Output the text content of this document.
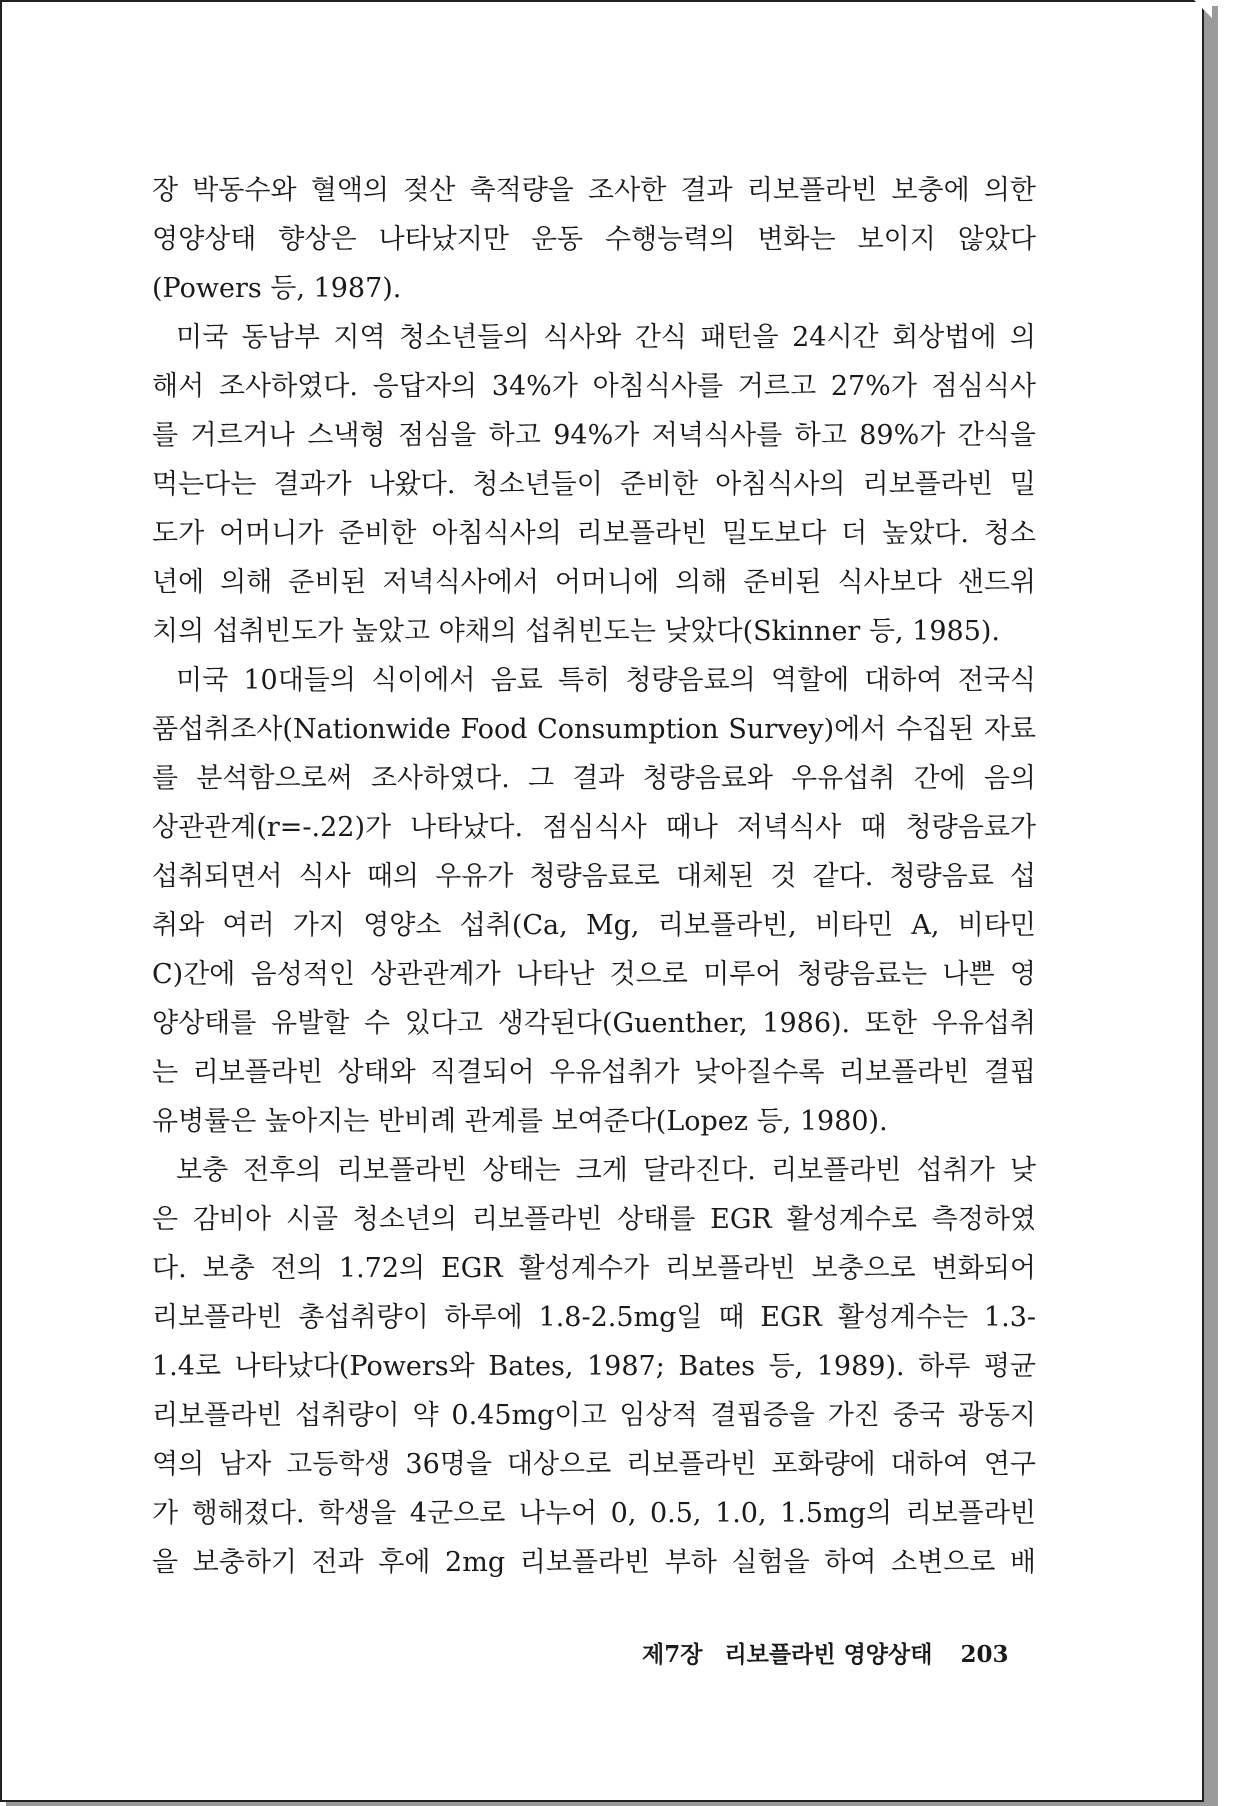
장 박동수와 혈액의 젖산 축적량을 조사한 결과 리보플라빈 보충에 의한
영양상태 향상은 나타났지만 운동 수행능력의 변화는 보이지 않았다
(Powers 등, 1987).
미국 동남부 지역 청소년들의 식사와 간식 패턴을 24시간 회상법에 의
해서 조사하였다. 응답자의 34%가 아침식사를 거르고 27%가 점심식사
를 거르거나 스낵형 점심을 하고 94%가 저녁식사를 하고 89%가 간식을
먹는다는 결과가 나왔다. 청소년들이 준비한 아침식사의 리보플라빈 밀
도가 어머니가 준비한 아침식사의 리보플라빈 밀도보다 더 높았다. 청소
년에 의해 준비된 저녁식사에서 어머니에 의해 준비된 식사보다 샌드위
치의 섭취빈도가 높았고 야채의 섭취빈도는 낮았다(Skinner 등, 1985).
미국 10대들의 식이에서 음료 특히 청량음료의 역할에 대하여 전국식
품섭취조사(Nationwide Food Consumption Survey)에서 수집된 자료
를 분석함으로써 조사하였다. 그 결과 청량음료와 우유섭취 간에 음의
상관관계(r=-.22)가 나타났다. 점심식사 때나 저녁식사 때 청량음료가
섭취되면서 식사 때의 우유가 청량음료로 대체된 것 같다. 청량음료 섭
취와 여러 가지 영양소 섭취(Ca, Mg, 리보플라빈, 비타민 A, 비타민
C)간에 음성적인 상관관계가 나타난 것으로 미루어 청량음료는 나쁜 영
양상태를 유발할 수 있다고 생각된다(Guenther, 1986). 또한 우유섭취
는 리보플라빈 상태와 직결되어 우유섭취가 낮아질수록 리보플라빈 결핍
유병률은 높아지는 반비례 관계를 보여준다(Lopez 등, 1980).
보충 전후의 리보플라빈 상태는 크게 달라진다. 리보플라빈 섭취가 낮
은 감비아 시골 청소년의 리보플라빈 상태를 EGR 활성계수로 측정하였
다. 보충 전의 1.72의 EGR 활성계수가 리보플라빈 보충으로 변화되어
리보플라빈 총섭취량이 하루에 1.8-2.5mg일 때 EGR 활성계수는 1.3-
1.4로 나타났다(Powers와 Bates, 1987; Bates 등, 1989). 하루 평균
리보플라빈 섭취량이 약 0.45mg이고 임상적 결핍증을 가진 중국 광동지
역의 남자 고등학생 36명을 대상으로 리보플라빈 포화량에 대하여 연구
가 행해졌다. 학생을 4군으로 나누어 0, 0.5, 1.0, 1.5mg의 리보플라빈
을 보충하기 전과 후에 2mg 리보플라빈 부하 실험을 하여 소변으로 배
제7장 리보플라빈 영양상태 203
